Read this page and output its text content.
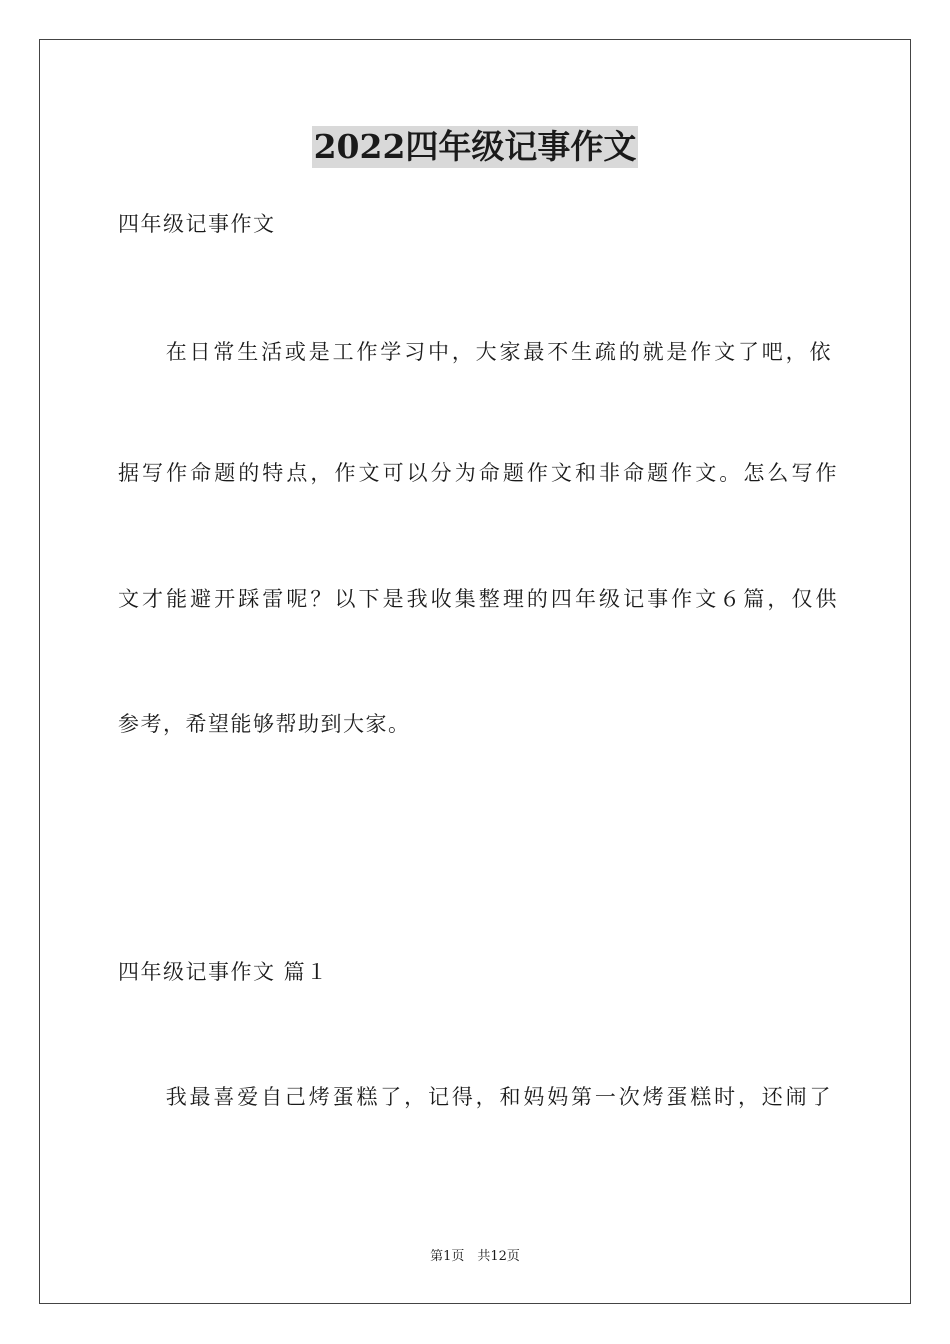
2022四年级记事作文
四年级记事作文
　　在日常生活或是工作学习中，大家最不生疏的就是作文了吧，依
据写作命题的特点，作文可以分为命题作文和非命题作文。怎么写作
文才能避开踩雷呢？以下是我收集整理的四年级记事作文６篇，仅供
参考，希望能够帮助到大家。
四年级记事作文 篇１
　　我最喜爱自己烤蛋糕了，记得，和妈妈第一次烤蛋糕时，还闹了
第1页　共12页
